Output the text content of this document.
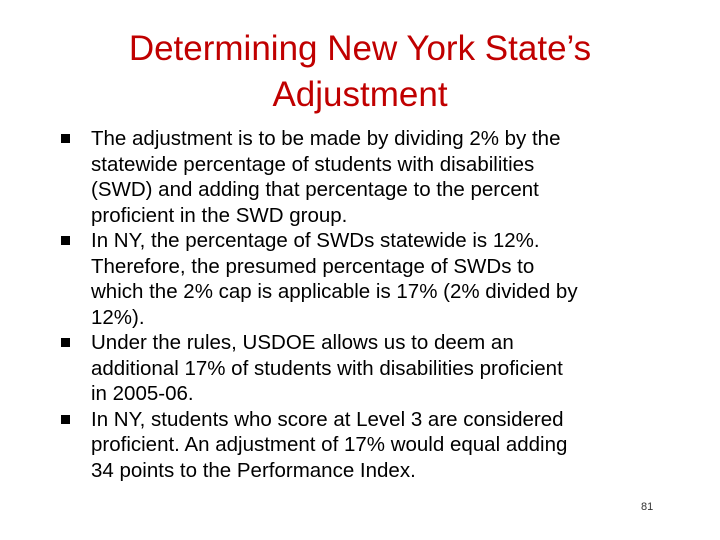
Determining New York State’s
Adjustment
The adjustment is to be made by dividing 2% by the
statewide percentage of students with disabilities
(SWD) and adding that percentage to the percent
proficient in the SWD group.
In NY, the percentage of SWDs statewide is 12%.
Therefore, the presumed percentage of SWDs to
which the 2% cap is applicable is 17% (2% divided by
12%).
Under the rules, USDOE allows us to deem an
additional 17% of students with disabilities proficient
in 2005-06.
In NY, students who score at Level 3 are considered
proficient. An adjustment of 17% would equal adding
34 points to the Performance Index.
81
